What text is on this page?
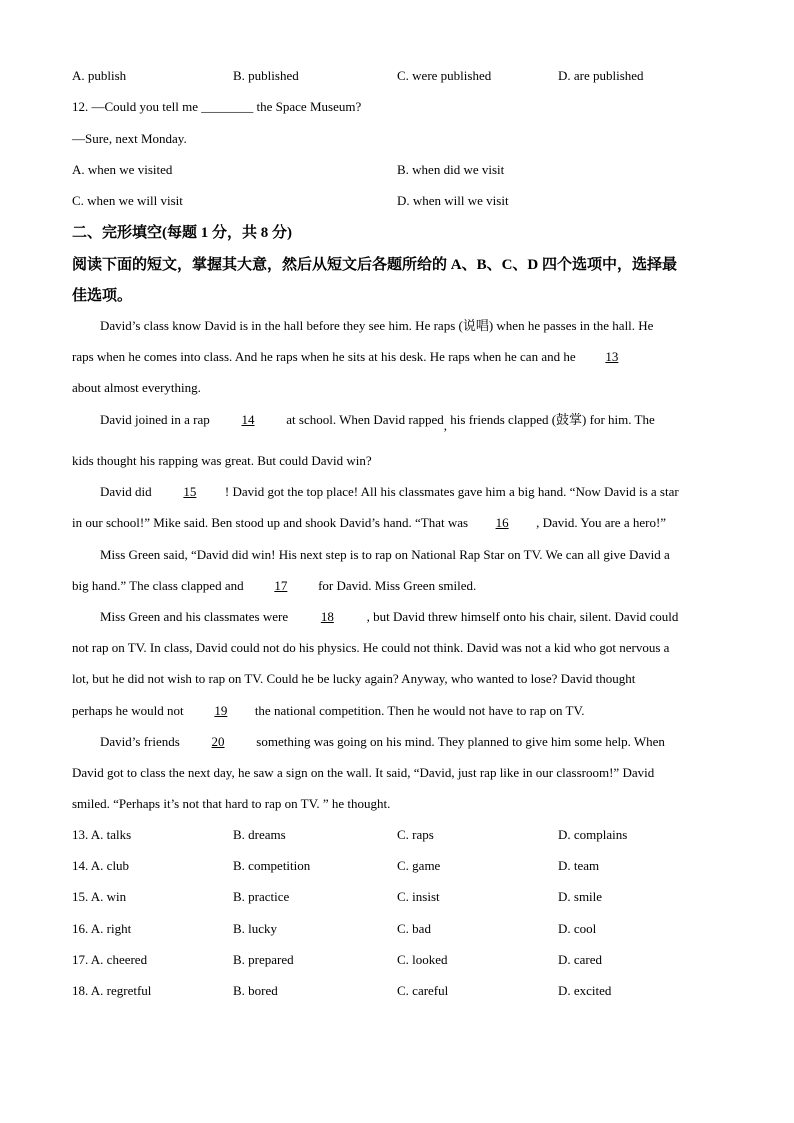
A. publish	B. published	C. were published	D. are published
12. —Could you tell me ________ the Space Museum?
—Sure, next Monday.
A. when we visited	B. when did we visit
C. when we will visit	D. when will we visit
二、完形填空(每题 1 分，共 8 分)
阅读下面的短文，掌握其大意，然后从短文后各题所给的 A、B、C、D 四个选项中，选择最
佳选项。
David’s class know David is in the hall before they see him. He raps (说唱) when he passes in the hall. He
raps when he comes into class. And he raps when he sits at his desk. He raps when he can and he 13
about almost everything.
David joined in a rap 14 at school. When David rapped, his friends clapped (鼓掌) for him. The
kids thought his rapping was great. But could David win?
David did 15 ! David got the top place! All his classmates gave him a big hand. “Now David is a star
in our school!” Mike said. Ben stood up and shook David’s hand. “That was 16 , David. You are a hero!”
Miss Green said, “David did win! His next step is to rap on National Rap Star on TV. We can all give David a
big hand.” The class clapped and 17 for David. Miss Green smiled.
Miss Green and his classmates were 18 , but David threw himself onto his chair, silent. David could
not rap on TV. In class, David could not do his physics. He could not think. David was not a kid who got nervous a
lot, but he did not wish to rap on TV. Could he be lucky again? Anyway, who wanted to lose? David thought
perhaps he would not 19 the national competition. Then he would not have to rap on TV.
David’s friends 20 something was going on his mind. They planned to give him some help. When
David got to class the next day, he saw a sign on the wall. It said, “David, just rap like in our classroom!” David
smiled. “Perhaps it’s not that hard to rap on TV. ” he thought.
13. A. talks	B. dreams	C. raps	D. complains
14. A. club	B. competition	C. game	D. team
15. A. win	B. practice	C. insist	D. smile
16. A. right	B. lucky	C. bad	D. cool
17. A. cheered	B. prepared	C. looked	D. cared
18. A. regretful	B. bored	C. careful	D. excited
